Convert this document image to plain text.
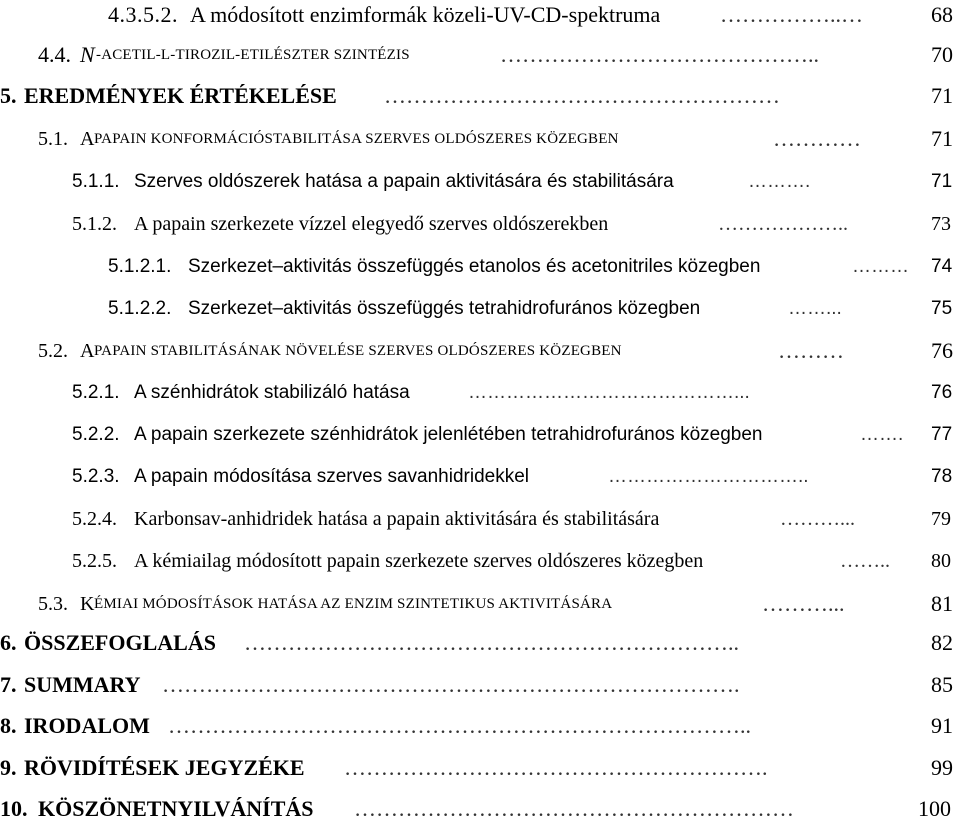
4.3.5.2. A módosított enzimformák közeli-UV-CD-spektruma	……………..…	68
4.4. N -ACETIL-L-TIROZIL-ETILÉSZTER SZINTÉZIS	……………………………………..	70
5. EREDMÉNYEK ÉRTÉKELÉSE ………………………………………………	71
5.1. A PAPAIN KONFORMÁCIÓSTABILITÁSA SZERVES OLDÓSZERES KÖZEGBEN	…………	71
5.1.1. Szerves oldószerek hatása a papain aktivitására és stabilitására	……….	71
5.1.2. A papain szerkezete vízzel elegyedő szerves oldószerekben	………………..	73
5.1.2.1. Szerkezet–aktivitás összefüggés etanolos és acetonitriles közegben	……… 74
5.1.2.2. Szerkezet–aktivitás összefüggés tetrahidrofurános közegben	……...	75
5.2. A PAPAIN STABILITÁSÁNAK NÖVELÉSE SZERVES OLDÓSZERES KÖZEGBEN	………	76
5.2.1. A szénhidrátok stabilizáló hatása	……………………………………...	76
5.2.2. A papain szerkezete szénhidrátok jelenlétében tetrahidrofurános közegben	……. 77
5.2.3. A papain módosítása szerves savanhidridekkel	…………………………..	78
5.2.4. Karbonsav-anhidridek hatása a papain aktivitására és stabilitására	………...	79
5.2.5. A kémiailag módosított papain szerkezete szerves oldószeres közegben	…….. 80
5.3. K ÉMIAI MÓDOSÍTÁSOK HATÁSA AZ ENZIM SZINTETIKUS AKTIVITÁSÁRA	………...	81
6. ÖSSZEFOGLALÁS …………………………………………………………..	82
7. SUMMARY …………………………………………………………………….	85
8. IRODALOM ……………………………………………………………………..	91
9. RÖVIDÍTÉSEK JEGYZÉKE ………………………………………………….	99
10. KÖSZÖNETNYILVÁNÍTÁS ……………………………………………………	100
